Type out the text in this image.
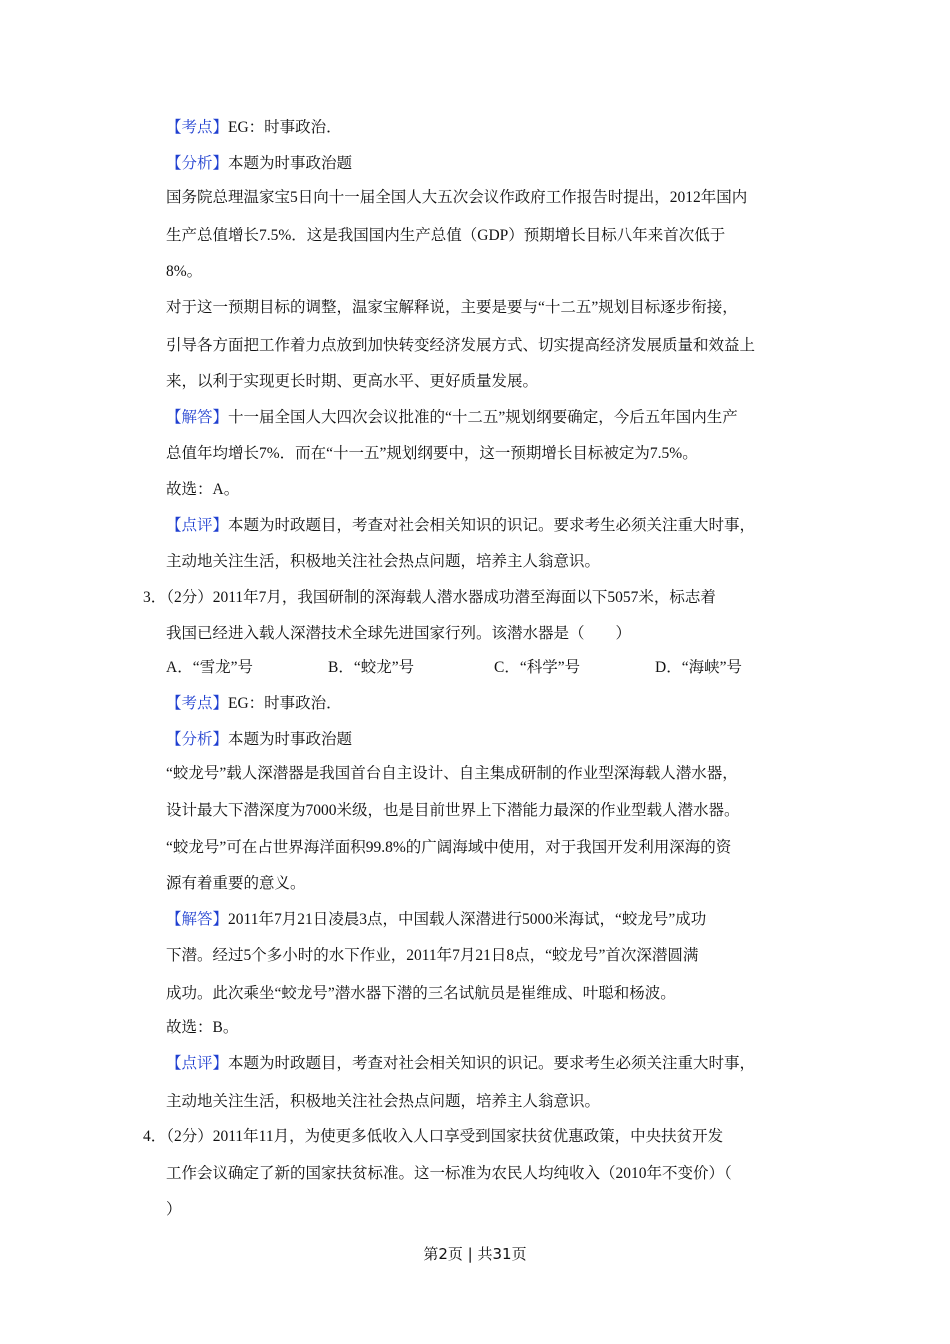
【考点】EG：时事政治．
【分析】本题为时事政治题
国务院总理温家宝5日向十一届全国人大五次会议作政府工作报告时提出，2012年国内
生产总值增长7.5%．这是我国国内生产总值（GDP）预期增长目标八年来首次低于
8%。
对于这一预期目标的调整，温家宝解释说，主要是要与“十二五”规划目标逐步衔接，
引导各方面把工作着力点放到加快转变经济发展方式、切实提高经济发展质量和效益上
来，以利于实现更长时期、更高水平、更好质量发展。
【解答】十一届全国人大四次会议批准的“十二五”规划纲要确定，今后五年国内生产
总值年均增长7%．而在“十一五”规划纲要中，这一预期增长目标被定为7.5%。
故选：A。
【点评】本题为时政题目，考查对社会相关知识的识记。要求考生必须关注重大时事，
主动地关注生活，积极地关注社会热点问题，培养主人翁意识。
3．（2分）2011年7月，我国研制的深海载人潜水器成功潜至海面以下5057米，标志着
我国已经进入载人深潜技术全球先进国家行列。该潜水器是（　　）
A．“雪龙”号	B．“蛟龙”号	C．“科学”号	D．“海峡”号
【考点】EG：时事政治．
【分析】本题为时事政治题
“蛟龙号”载人深潜器是我国首台自主设计、自主集成研制的作业型深海载人潜水器，
设计最大下潜深度为7000米级，也是目前世界上下潜能力最深的作业型载人潜水器。
“蛟龙号”可在占世界海洋面积99.8%的广阔海域中使用，对于我国开发利用深海的资
源有着重要的意义。
【解答】2011年7月21日凌晨3点，中国载人深潜进行5000米海试，“蛟龙号”成功
下潜。经过5个多小时的水下作业，2011年7月21日8点，“蛟龙号”首次深潜圆满
成功。此次乘坐“蛟龙号”潜水器下潜的三名试航员是崔维成、叶聪和杨波。
故选：B。
【点评】本题为时政题目，考查对社会相关知识的识记。要求考生必须关注重大时事，
主动地关注生活，积极地关注社会热点问题，培养主人翁意识。
4．（2分）2011年11月，为使更多低收入人口享受到国家扶贫优惠政策，中央扶贫开发
工作会议确定了新的国家扶贫标准。这一标准为农民人均纯收入（2010年不变价）（
）
第2页 | 共31页
